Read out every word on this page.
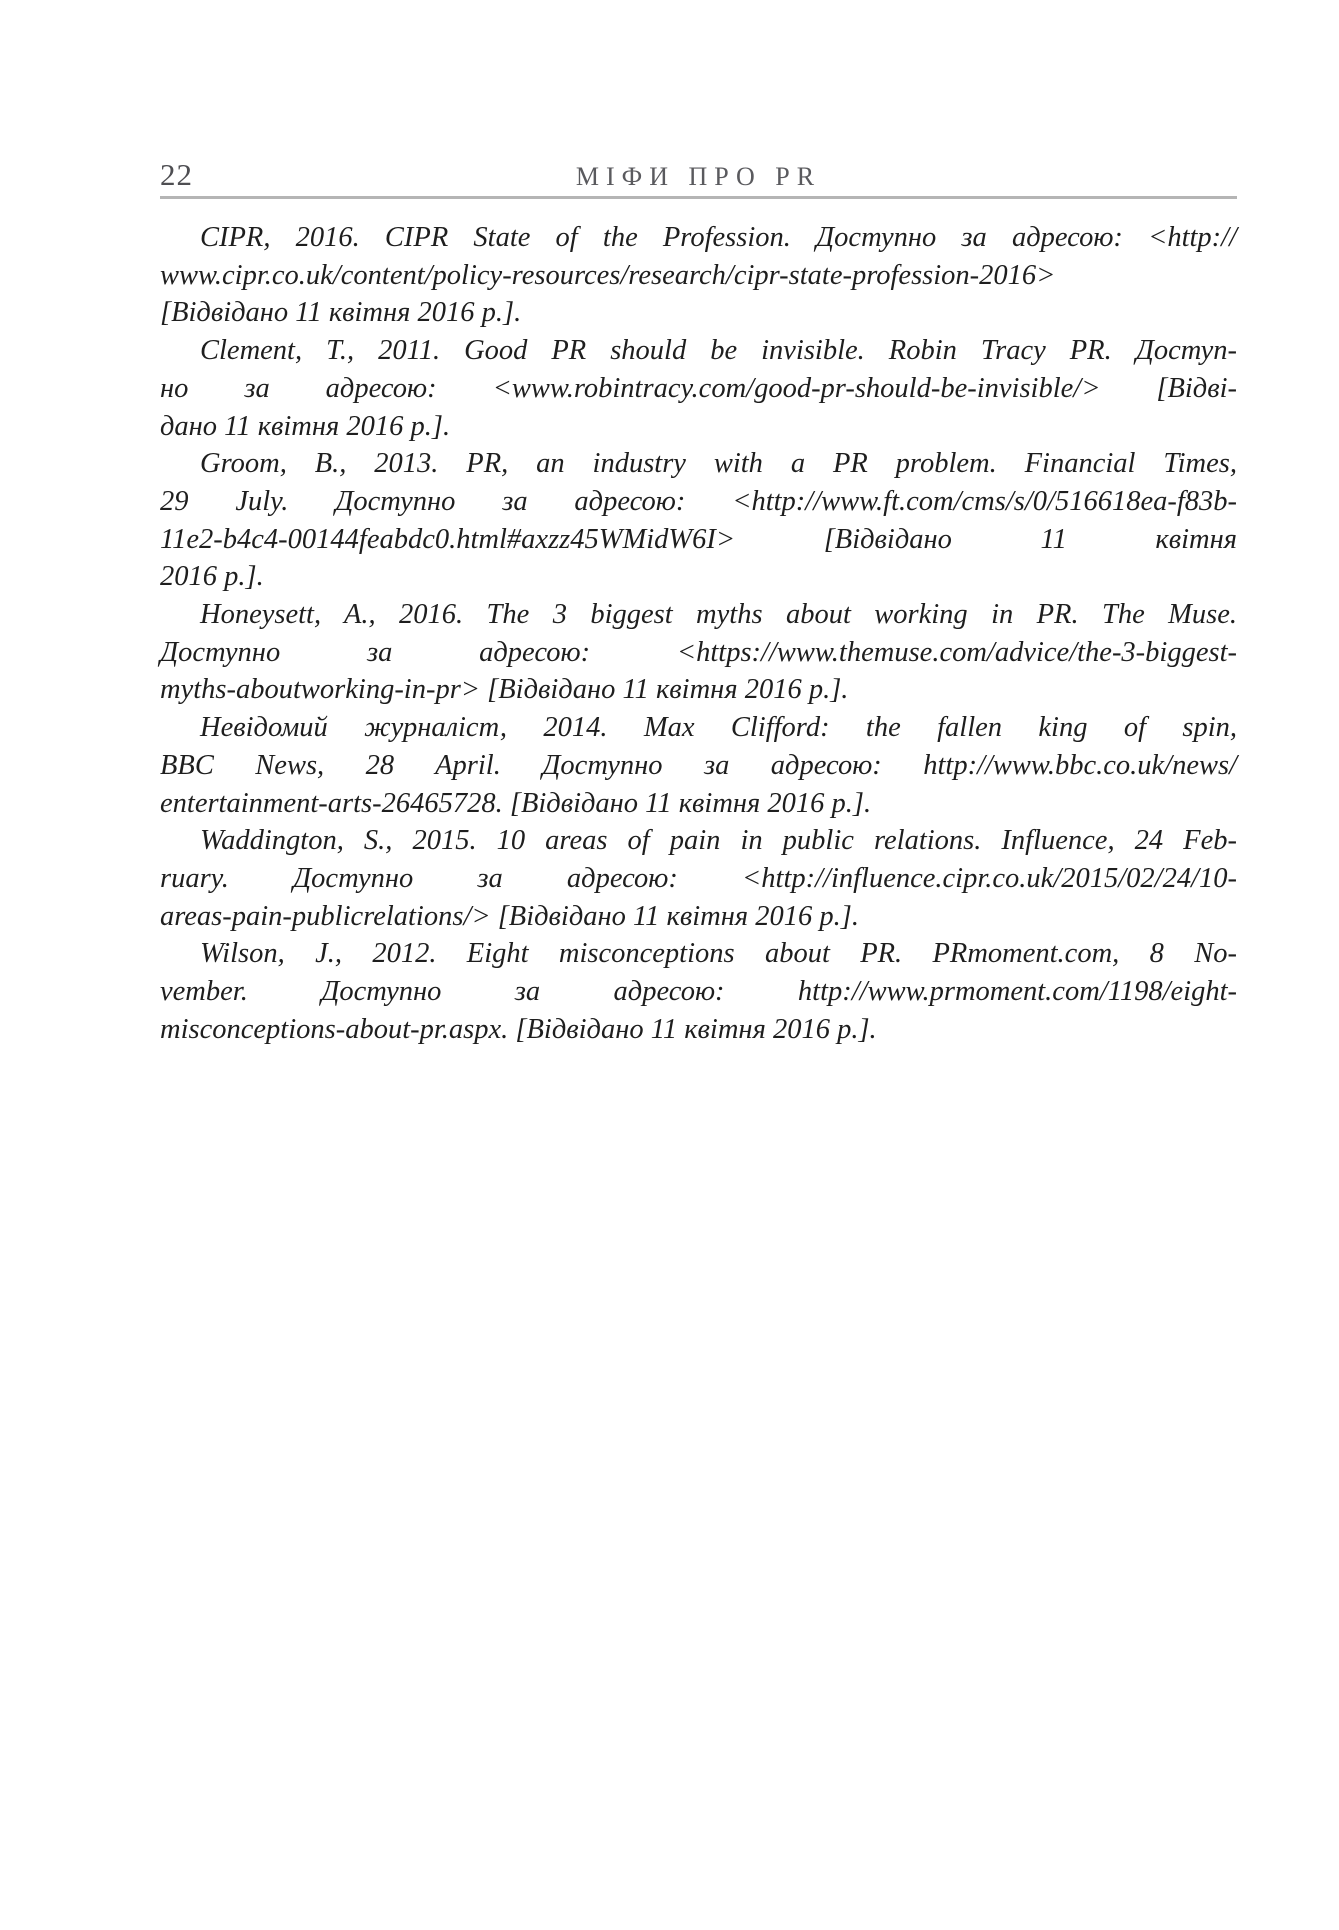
22	МІФИ ПРО PR
CIPR, 2016. CIPR State of the Profession. Доступно за адресою: <http://
www.cipr.co.uk/content/policy-resources/research/cipr-state-profession-2016>
[Відвідано 11 квітня 2016 р.].
Clement, T., 2011. Good PR should be invisible. Robin Tracy PR. Доступ-
но за адресою: <www.robintracy.com/good-pr-should-be-invisible/> [Відві-
дано 11 квітня 2016 р.].
Groom, B., 2013. PR, an industry with a PR problem. Financial Times,
29 July. Доступно за адресою: <http://www.ft.com/cms/s/0/516618ea-f83b-
11e2-b4c4-00144feabdc0.html#axzz45WMidW6I> [Відвідано 11 квітня
2016 р.].
Honeysett, A., 2016. The 3 biggest myths about working in PR. The Muse.
Доступно за адресою: <https://www.themuse.com/advice/the-3-biggest-
myths-aboutworking-in-pr> [Відвідано 11 квітня 2016 р.].
Невідомий журналіст, 2014. Max Clifford: the fallen king of spin,
BBC News, 28 April. Доступно за адресою: http://www.bbc.co.uk/news/
entertainment-arts-26465728. [Відвідано 11 квітня 2016 р.].
Waddington, S., 2015. 10 areas of pain in public relations. Influence, 24 Feb-
ruary. Доступно за адресою: <http://influence.cipr.co.uk/2015/02/24/10-
areas-pain-publicrelations/> [Відвідано 11 квітня 2016 р.].
Wilson, J., 2012. Eight misconceptions about PR. PRmoment.com, 8 No-
vember. Доступно за адресою: http://www.prmoment.com/1198/eight-
misconceptions-about-pr.aspx. [Відвідано 11 квітня 2016 р.].
